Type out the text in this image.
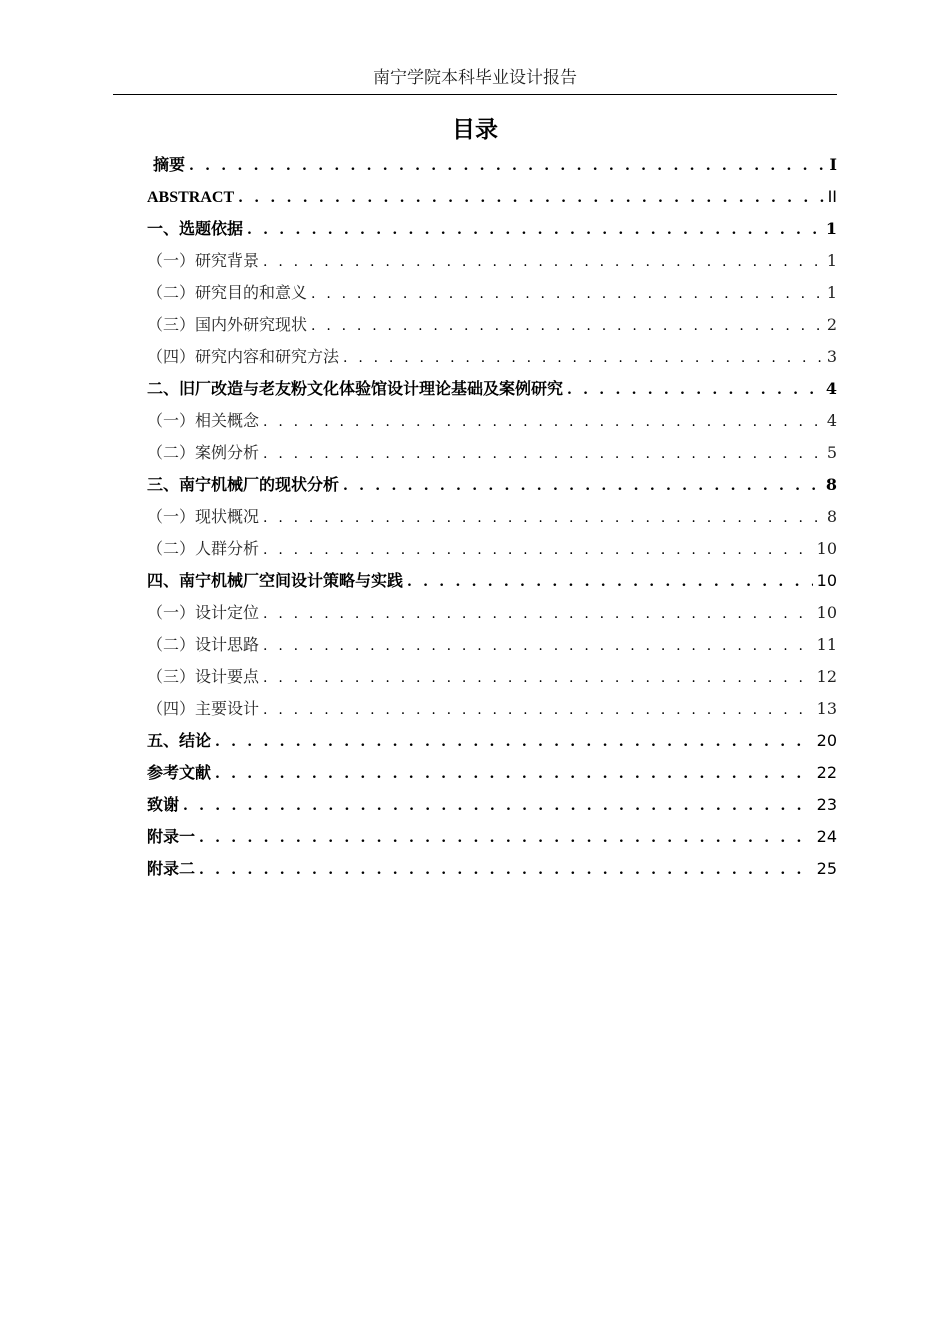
南宁学院本科毕业设计报告
目录
摘要 . . .	I
ABSTRACT . . .	II
一、选题依据 . . .	1
（一）研究背景 . . .	1
（二）研究目的和意义 . . .	1
（三）国内外研究现状 . . .	2
（四）研究内容和研究方法 . . .	3
二、旧厂改造与老友粉文化体验馆设计理论基础及案例研究 . . .	4
（一）相关概念 . . .	4
（二）案例分析 . . .	5
三、南宁机械厂的现状分析 . . .	8
（一）现状概况 . . .	8
（二）人群分析 . . .	10
四、南宁机械厂空间设计策略与实践 . . .	10
（一）设计定位 . . .	10
（二）设计思路 . . .	11
（三）设计要点 . . .	12
（四）主要设计 . . .	13
五、结论 . . .	20
参考文献 . . .	22
致谢 . . .	23
附录一 . . .	24
附录二 . . .	25
